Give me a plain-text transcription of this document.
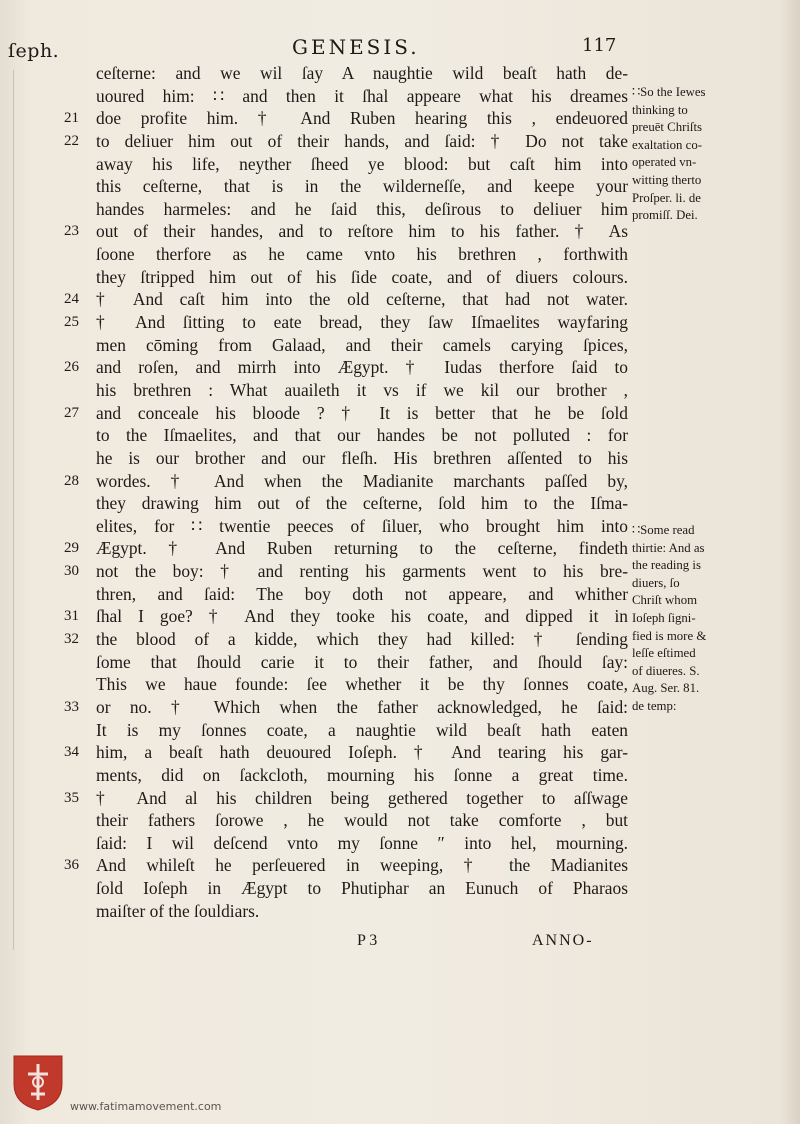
ſeph.	GENESIS.	117
ceſterne: and we wil ſay A naughtie wild beaſt hath de-
uoured him: ∷ and then it ſhal appeare what his dreames
21 doe profite him. † And Ruben hearing this , endeuored
22 to deliuer him out of their hands, and ſaid: † Do not take
away his life, neyther ſheed ye blood: but caſt him into
this ceſterne, that is in the wilderneſſe, and keepe your
handes harmeles: and he ſaid this, deſirous to deliuer him
23 out of their handes, and to reſtore him to his father. † As
ſoone therfore as he came vnto his brethren , forthwith
they ſtripped him out of his ſide coate, and of diuers colours.
24 † And caſt him into the old ceſterne, that had not water.
25 † And ſitting to eate bread, they ſaw Iſmaelites wayfaring
men cōming from Galaad, and their camels carying ſpices,
26 and roſen, and mirrh into Ægypt. † Iudas therfore ſaid to
his brethren : What auaileth it vs if we kil our brother ,
27 and conceale his bloode ? † It is better that he be ſold
to the Iſmaelites, and that our handes be not polluted : for
he is our brother and our fleſh. His brethren aſſented to his
28 wordes. † And when the Madianite marchants paſſed by,
they drawing him out of the ceſterne, ſold him to the Iſma-
elites, for ∷ twentie peeces of ſiluer, who brought him into
29 Ægypt. † And Ruben returning to the ceſterne, findeth
30 not the boy: † and renting his garments went to his bre-
thren, and ſaid: The boy doth not appeare, and whither
31 ſhal I goe? † And they tooke his coate, and dipped it in
32 the blood of a kidde, which they had killed: † ſending
ſome that ſhould carie it to their father, and ſhould ſay:
This we haue founde: ſee whether it be thy ſonnes coate,
33 or no. † Which when the father acknowledged, he ſaid:
It is my ſonnes coate, a naughtie wild beaſt hath eaten
34 him, a beaſt hath deuoured Ioſeph. † And tearing his gar-
ments, did on ſackcloth, mourning his ſonne a great time.
35 † And al his children being gethered together to aſſwage
their fathers ſorowe , he would not take comforte , but
ſaid: I wil deſcend vnto my ſonne ″ into hel, mourning.
36 And whileſt he perſeuered in weeping, † the Madianites
ſold Ioſeph in Ægypt to Phutiphar an Eunuch of Pharaos
maiſter of the ſouldiars.
∷So the Iewes
thinking to
preuēt Chriſts
exaltation co-
operated vn-
witting therto
Proſper. li. de
promiſſ. Dei.
∷Some read
thirtie: And as
the reading is
diuers, ſo
Chriſt whom
Ioſeph ſigni-
fied is more &
leſſe eſtimed
of diueres. S.
Aug. Ser. 81.
de temp:
P 3	ANNO-
www.fatimamovement.com
